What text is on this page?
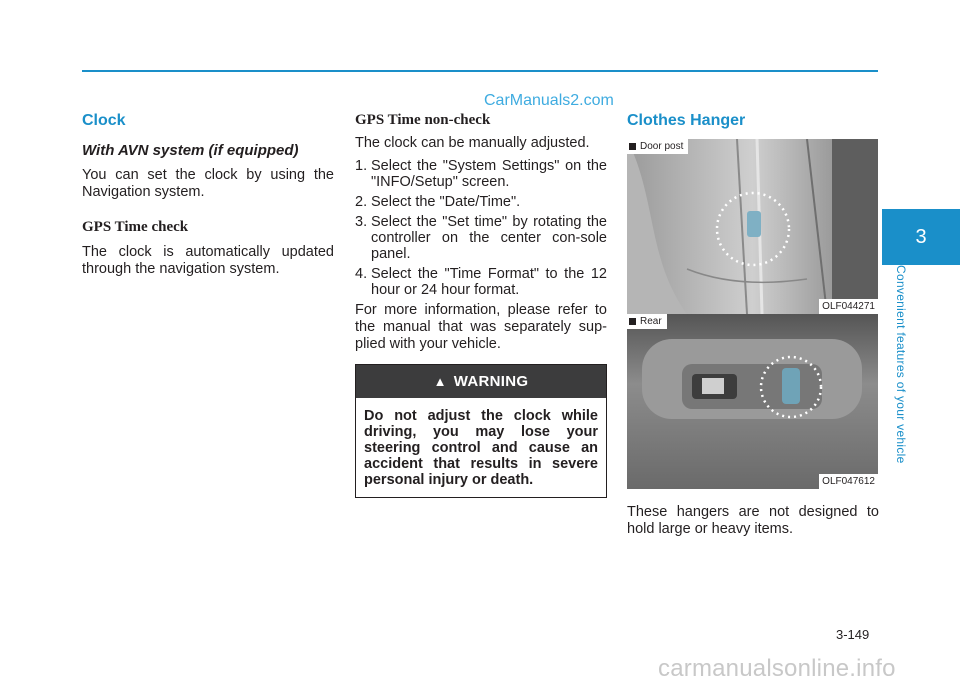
CarManuals2.com
Clock
With AVN system (if equipped)

You can set the clock by using the Navigation system.

GPS Time check

The clock is automatically updated through the navigation system.

GPS Time non-check

The clock can be manually adjusted.

1. Select the "System Settings" on the "INFO/Setup" screen.
2. Select the "Date/Time".
3. Select the "Set time" by rotating the controller on the center con-sole panel.
4. Select the "Time Format" to the 12 hour or 24 hour format.

For more information, please refer to the manual that was separately sup-plied with your vehicle.

▲ WARNING
Do not adjust the clock while driving, you may lose your steering control and cause an accident that results in severe personal injury or death.
Clothes Hanger
Door post
OLF044271
Rear
OLF047612

These hangers are not designed to hold large or heavy items.

3
Convenient features of your vehicle
3-149
carmanualsonline.info
